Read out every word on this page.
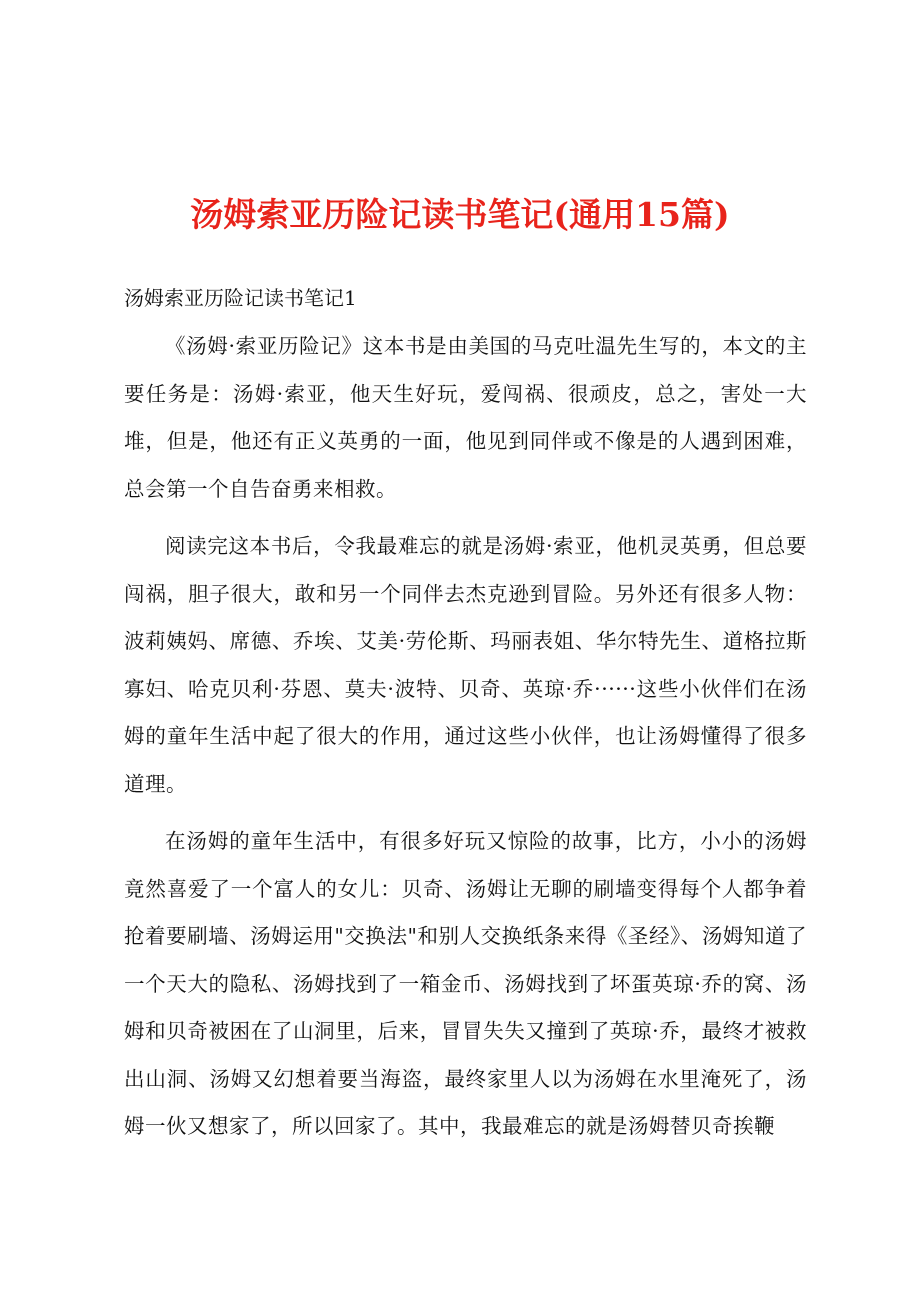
汤姆索亚历险记读书笔记(通用15篇)
汤姆索亚历险记读书笔记1

《汤姆·索亚历险记》这本书是由美国的马克吐温先生写的，本文的主要任务是：汤姆·索亚，他天生好玩，爱闯祸、很顽皮，总之，害处一大堆，但是，他还有正义英勇的一面，他见到同伴或不像是的人遇到困难，总会第一个自告奋勇来相救。

阅读完这本书后，令我最难忘的就是汤姆·索亚，他机灵英勇，但总要闯祸，胆子很大，敢和另一个同伴去杰克逊到冒险。另外还有很多人物：波莉姨妈、席德、乔埃、艾美·劳伦斯、玛丽表姐、华尔特先生、道格拉斯寡妇、哈克贝利·芬恩、莫夫·波特、贝奇、英琼·乔······这些小伙伴们在汤姆的童年生活中起了很大的作用，通过这些小伙伴，也让汤姆懂得了很多道理。

在汤姆的童年生活中，有很多好玩又惊险的故事，比方，小小的汤姆竟然喜爱了一个富人的女儿：贝奇、汤姆让无聊的刷墙变得每个人都争着抢着要刷墙、汤姆运用"交换法"和别人交换纸条来得《圣经》、汤姆知道了一个天大的隐私、汤姆找到了一箱金币、汤姆找到了坏蛋英琼·乔的窝、汤姆和贝奇被困在了山洞里，后来，冒冒失失又撞到了英琼·乔，最终才被救出山洞、汤姆又幻想着要当海盗，最终家里人以为汤姆在水里淹死了，汤姆一伙又想家了，所以回家了。其中，我最难忘的就是汤姆替贝奇挨鞭
